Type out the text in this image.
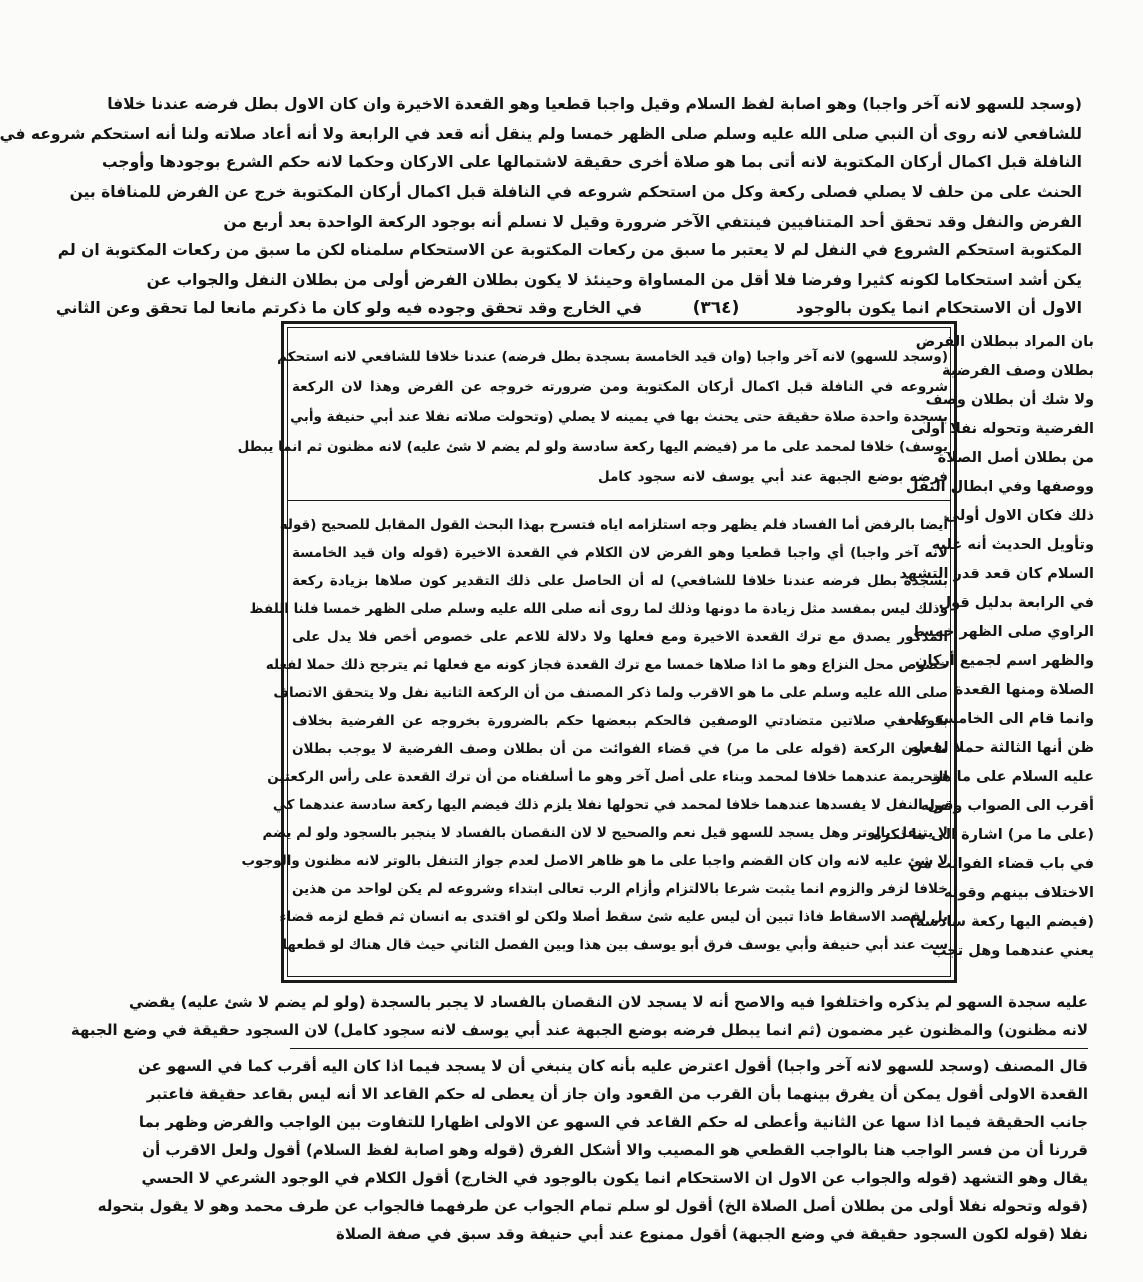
(وسجد للسهو لانه آخر واجبا) وهو اصابة لفظ السلام وقيل واجبا قطعيا وهو القعدة الاخيرة وان كان الاول بطل فرضه عندنا خلافا
للشافعي لانه روى أن النبي صلى الله عليه وسلم صلى الظهر خمسا ولم ينقل أنه قعد في الرابعة ولا أنه أعاد صلاته ولنا أنه استحكم شروعه في
النافلة قبل اكمال أركان المكتوبة لانه أتى بما هو صلاة أخرى حقيقة لاشتمالها على الاركان وحكما لانه حكم الشرع بوجودها وأوجب
الحنث على من حلف لا يصلي فصلى ركعة وكل من استحكم شروعه في النافلة قبل اكمال أركان المكتوبة خرج عن الفرض للمنافاة بين
الفرض والنفل وقد تحقق أحد المتنافيين فينتفي الآخر ضرورة وقيل لا نسلم أنه بوجود الركعة الواحدة بعد أربع من
المكتوبة استحكم الشروع في النفل لم لا يعتبر ما سبق من ركعات المكتوبة عن الاستحكام سلمناه لكن ما سبق من ركعات المكتوبة ان لم
يكن أشد استحكاما لكونه كثيرا وفرضا فلا أقل من المساواة وحينئذ لا يكون بطلان الفرض أولى من بطلان النفل والجواب عن
الاول أن الاستحكام انما يكون بالوجود
في الخارج وقد تحقق وجوده فيه ولو كان ما ذكرتم مانعا لما تحقق وعن الثاني	(٣٦٤)
(وسجد للسهو) لانه آخر واجبا (وان قيد الخامسة بسجدة بطل فرضه) عندنا خلافا للشافعي لانه استحكم
شروعه في النافلة قبل اكمال أركان المكتوبة ومن ضرورته خروجه عن الفرض وهذا لان الركعة
بسجدة واحدة صلاة حقيقة حتى يحنث بها في يمينه لا يصلي (وتحولت صلاته نفلا عند أبي حنيفة وأبي
يوسف) خلافا لمحمد على ما مر (فيضم اليها ركعة سادسة ولو لم يضم لا شئ عليه) لانه مظنون ثم انما يبطل
فرضه بوضع الجبهة عند أبي يوسف لانه سجود كامل
أيضا بالرفض أما الفساد فلم يظهر وجه استلزامه اياه فتسرح بهذا البحث القول المقابل للصحيح (قوله
لانه آخر واجبا) أي واجبا قطعيا وهو الفرض لان الكلام في القعدة الاخيرة (قوله وان قيد الخامسة
بسجدة بطل فرضه عندنا خلافا للشافعي) له أن الحاصل على ذلك التقدير كون صلاها بزيادة ركعة
وذلك ليس بمفسد مثل زيادة ما دونها وذلك لما روى أنه صلى الله عليه وسلم صلى الظهر خمسا فلنا اللفظ
المذكور يصدق مع ترك القعدة الاخيرة ومع فعلها ولا دلالة للاعم على خصوص أخص فلا يدل على
خصوص محل النزاع وهو ما اذا صلاها خمسا مع ترك القعدة فجاز كونه مع فعلها ثم يترجح ذلك حملا لفعله
صلى الله عليه وسلم على ما هو الاقرب ولما ذكر المصنف من أن الركعة الثانية نفل ولا يتحقق الاتصاف
بكونه في صلاتين متضادتي الوصفين فالحكم ببعضها حكم بالضرورة بخروجه عن الفرضية بخلاف
ما دون الركعة (قوله على ما مر) في قضاء الفوائت من أن بطلان وصف الفرضية لا يوجب بطلان
التحريمة عندهما خلافا لمحمد وبناء على أصل آخر وهو ما أسلفناه من أن ترك القعدة على رأس الركعتين
من النفل لا يفسدها عندهما خلافا لمحمد في تحولها نفلا يلزم ذلك فيضم اليها ركعة سادسة عندهما كي
لا يتنفل بالوتر وهل يسجد للسهو قيل نعم والصحيح لا لان النقصان بالفساد لا ينجبر بالسجود ولو لم يضم
لا شئ عليه لانه وان كان القضم واجبا على ما هو ظاهر الاصل لعدم جواز التنفل بالوتر لانه مظنون والوجوب
خلافا لزفر والزوم انما يثبت شرعا بالالتزام وأزام الرب تعالى ابتداء وشروعه لم يكن لواحد من هذين
بل لقصد الاسقاط فاذا تبين أن ليس عليه شئ سقط أصلا ولكن لو اقتدى به انسان ثم قطع لزمه قضاء
ست عند أبي حنيفة وأبي يوسف فرق أبو يوسف بين هذا وبين الفصل الثاني حيث قال هناك لو قطعها
بان المراد ببطلان الفرض
بطلان وصف الفرضية
ولا شك أن بطلان وصف
الفرضية وتحوله نفلا أولى
من بطلان أصل الصلاة
ووصفها وفي ابطال النفل
ذلك فكان الاول أولى
وتأويل الحديث أنه عليه
السلام كان قعد قدر التشهد
في الرابعة بدليل قول
الراوي صلى الظهر خمسا
والظهر اسم لجميع أركان
الصلاة ومنها القعدة
وانما قام الى الخامسة على
ظن أنها الثالثة حملا لفعله
عليه السلام على ما هو
أقرب الى الصواب وقوله
(على ما مر) اشارة الى ما ذكره
في باب قضاء الفوائت من
الاختلاف بينهم وقوله
(فيضم اليها ركعة سادسة)
يعني عندهما وهل تجب
عليه سجدة السهو لم يذكره واختلفوا فيه والاصح أنه لا يسجد لان النقصان بالفساد لا يجبر بالسجدة (ولو لم يضم لا شئ عليه) يقضي
لانه مظنون) والمظنون غير مضمون (ثم انما يبطل فرضه بوضع الجبهة عند أبي يوسف لانه سجود كامل) لان السجود حقيقة في وضع الجبهة
قال المصنف (وسجد للسهو لانه آخر واجبا) أقول اعترض عليه بأنه كان ينبغي أن لا يسجد فيما اذا كان اليه أقرب كما في السهو عن
القعدة الاولى أقول يمكن أن يفرق بينهما بأن القرب من القعود وان جاز أن يعطى له حكم القاعد الا أنه ليس بقاعد حقيقة فاعتبر
جانب الحقيقة فيما اذا سها عن الثانية وأعطى له حكم القاعد في السهو عن الاولى اظهارا للتفاوت بين الواجب والفرض وظهر بما
قررنا أن من فسر الواجب هنا بالواجب القطعي هو المصيب والا أشكل الفرق (قوله وهو اصابة لفظ السلام) أقول ولعل الاقرب أن
يقال وهو التشهد (قوله والجواب عن الاول ان الاستحكام انما يكون بالوجود في الخارج) أقول الكلام في الوجود الشرعي لا الحسي
(قوله وتحوله نفلا أولى من بطلان أصل الصلاة الخ) أقول لو سلم تمام الجواب عن طرفهما فالجواب عن طرف محمد وهو لا يقول بتحوله
نفلا (قوله لكون السجود حقيقة في وضع الجبهة) أقول ممنوع عند أبي حنيفة وقد سبق في صفة الصلاة
